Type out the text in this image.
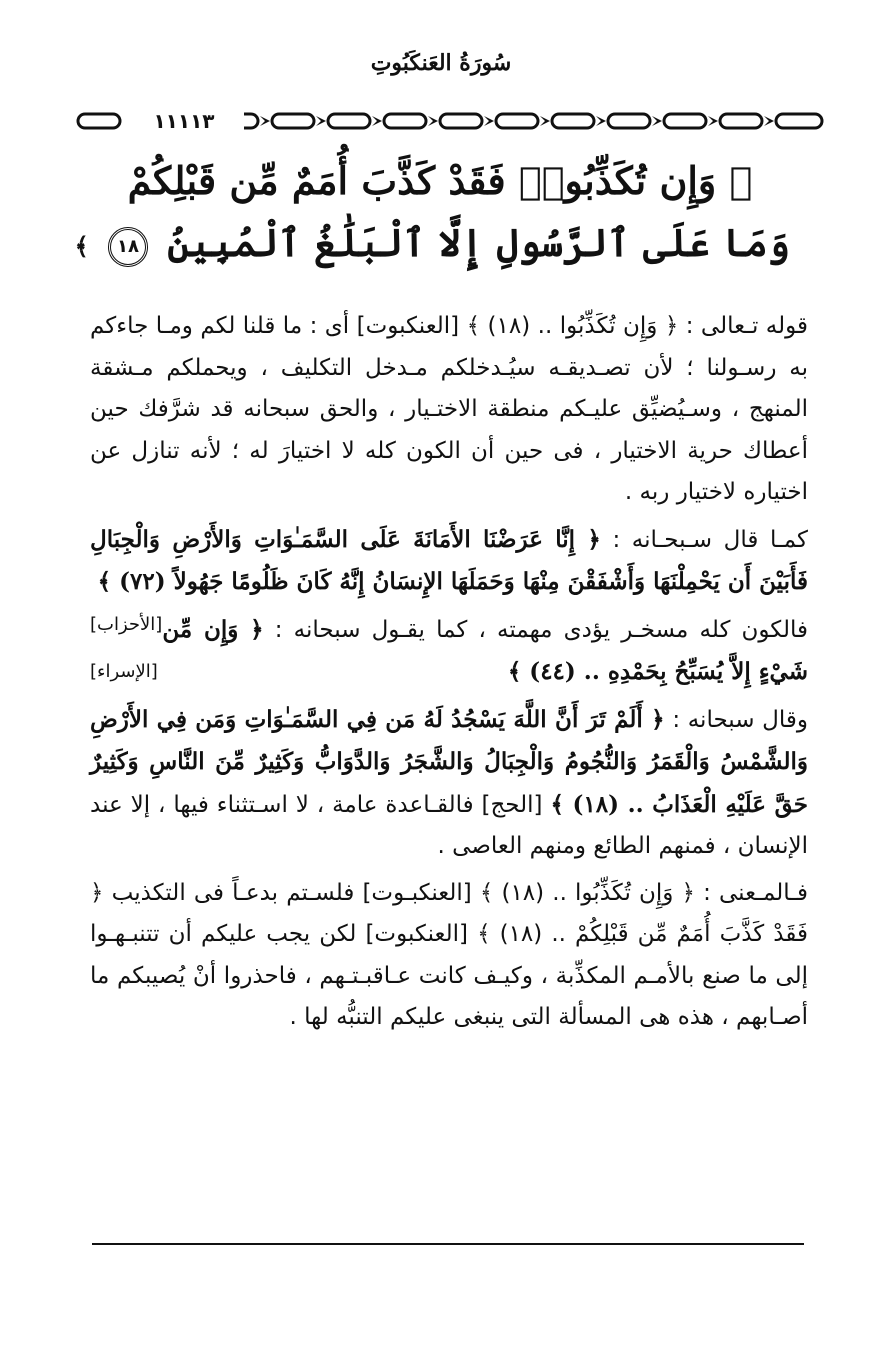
سُورَةُ العَنكَبُوتِ
١١١١٣
﴿ وَإِن تُكَذِّبُوا۟ فَقَدْ كَذَّبَ أُمَمٌ مِّن قَبْلِكُمْ
وَمَا عَلَى ٱلرَّسُولِ إِلَّا ٱلْبَلَٰغُ ٱلْمُبِينُ ١٨ ﴾

قوله تـعالى : ﴿ وَإِن تُكَذِّبُوا .. (١٨) ﴾ [العنكبوت] أى : ما قلنا لكم ومـا جاءكم به رسـولنا ؛ لأن تصـديقـه سيُـدخلكم مـدخل التكليف ، ويحملكم مـشقة المنهج ، وسـيُضيِّق عليـكم منطقة الاختـيار ، والحق سبحانه قد شرَّفك حين أعطاك حرية الاختيار ، فى حين أن الكون كله لا اختيارَ له ؛ لأنه تنازل عن اختياره لاختيار ربه .

كمـا قال سـبحـانه : ﴿ إِنَّا عَرَضْنَا الأَمَانَةَ عَلَى السَّمَـٰوَاتِ وَالأَرْضِ وَالْجِبَالِ فَأَبَيْنَ أَن يَحْمِلْنَهَا وَأَشْفَقْنَ مِنْهَا وَحَمَلَهَا الإِنسَانُ إِنَّهُ كَانَ ظَلُومًا جَهُولاً (٧٢) ﴾
[الأحزاب]	فالكون كله مسخـر يؤدى مهمته ، كما يقـول سبحانه : ﴿ وَإِن مِّن شَيْءٍ إِلاَّ يُسَبِّحُ بِحَمْدِهِ .. (٤٤) ﴾
[الإسراء]

وقال سبحانه : ﴿ أَلَمْ تَرَ أَنَّ اللَّهَ يَسْجُدُ لَهُ مَن فِي السَّمَـٰوَاتِ وَمَن فِي الأَرْضِ وَالشَّمْسُ وَالْقَمَرُ وَالنُّجُومُ وَالْجِبَالُ وَالشَّجَرُ وَالدَّوَابُّ وَكَثِيرٌ مِّنَ النَّاسِ وَكَثِيرٌ حَقَّ عَلَيْهِ الْعَذَابُ .. (١٨) ﴾ [الحج] فالقـاعدة عامة ، لا اسـتثناء فيها ، إلا عند الإنسان ، فمنهم الطائع ومنهم العاصى .

فـالمـعنى : ﴿ وَإِن تُكَذِّبُوا .. (١٨) ﴾ [العنكبـوت] فلسـتم بدعـاً فى التكذيب ﴿ فَقَدْ كَذَّبَ أُمَمٌ مِّن قَبْلِكُمْ .. (١٨) ﴾ [العنكبوت] لكن يجب عليكم أن تتنبـهـوا إلى ما صنع بالأمـم المكذِّبة ، وكيـف كانت عـاقبـتـهم ، فاحذروا أنْ يُصيبكم ما أصـابهم ، هذه هى المسألة التى ينبغى عليكم التنبُّه لها .
